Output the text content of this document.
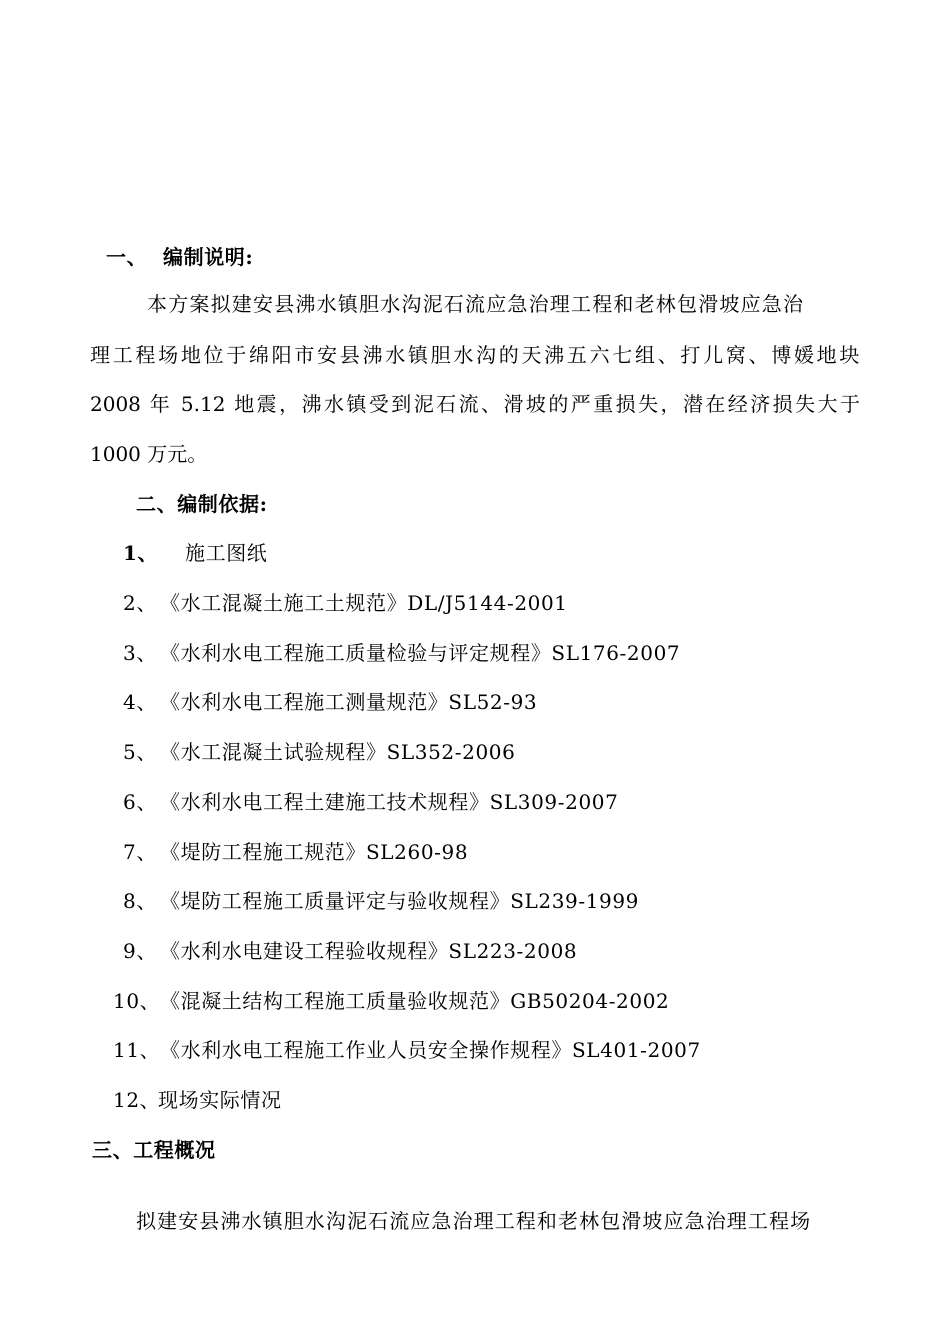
一、 编制说明:
本方案拟建安县沸水镇胆水沟泥石流应急治理工程和老林包滑坡应急治
理工程场地位于绵阳市安县沸水镇胆水沟的天沸五六七组、打儿窝、博媛地块
2008 年 5.12 地震，沸水镇受到泥石流、滑坡的严重损失，潜在经济损失大于
1000 万元。
二、编制依据:
1、 施工图纸
2、 《水工混凝土施工土规范》DL/J5144-2001
3、 《水利水电工程施工质量检验与评定规程》SL176-2007
4、 《水利水电工程施工测量规范》SL52-93
5、 《水工混凝土试验规程》SL352-2006
6、 《水利水电工程土建施工技术规程》SL309-2007
7、 《堤防工程施工规范》SL260-98
8、 《堤防工程施工质量评定与验收规程》SL239-1999
9、 《水利水电建设工程验收规程》SL223-2008
10、 《混凝土结构工程施工质量验收规范》GB50204-2002
11、 《水利水电工程施工作业人员安全操作规程》SL401-2007
12、
现场实际情况
三、工程概况
拟建安县沸水镇胆水沟泥石流应急治理工程和老林包滑坡应急治理工程场
